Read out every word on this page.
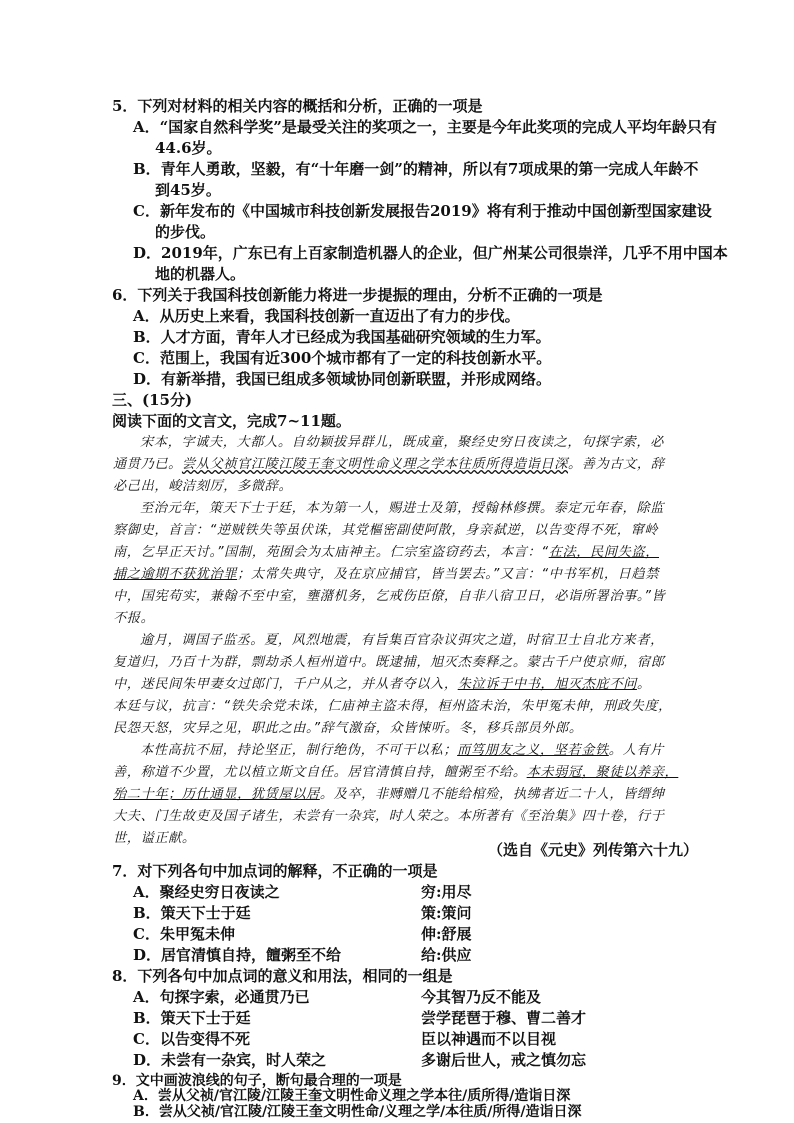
5．下列对材料的相关内容的概括和分析，正确的一项是
A．“国家自然科学奖”是最受关注的奖项之一，主要是今年此奖项的完成人平均年龄只有
44.6岁。
B．青年人勇敢，坚毅，有“十年磨一剑”的精神，所以有7项成果的第一完成人年龄不
到45岁。
C．新年发布的《中国城市科技创新发展报告2019》将有利于推动中国创新型国家建设
的步伐。
D．2019年，广东已有上百家制造机器人的企业，但广州某公司很崇洋，几乎不用中国本
地的机器人。
6．下列关于我国科技创新能力将进一步提振的理由，分析不正确的一项是
A．从历史上来看，我国科技创新一直迈出了有力的步伐。
B．人才方面，青年人才已经成为我国基础研究领域的生力军。
C．范围上，我国有近300个城市都有了一定的科技创新水平。
D．有新举措，我国已组成多领域协同创新联盟，并形成网络。
三、(15分)
阅读下面的文言文，完成7~11题。
宋本，字诚夫，大都人。自幼颖拔异群儿，既成童，聚经史穷日夜读之，句探字索，必
通贯乃已。尝从父祯官江陵江陵王奎文明性命义理之学本往质所得造诣日深。善为古文，辞
必己出，峻洁刻厉，多微辞。
至治元年，策天下士于廷，本为第一人，赐进士及第，授翰林修撰。泰定元年春，除监
察御史，首言：“逆贼铁失等虽伏诛，其党樞密副使阿散，身亲弑逆，以告变得不死，窜岭
南，乞早正天讨。”国制，苑囿会为太庙神主。仁宗室盗窃药去，本言：“在法，民间失盗，
捕之逾期不获犹治罪；太常失典守，及在京应捕官，皆当罢去。”又言：“中书军机，日趋禁
中，国宪苟实，兼翰不至中室，壅潴机务，乞戒伤臣僚，自非八宿卫日，必诣所署治事。”皆
不报。
逾月，调国子监丞。夏，风烈地震，有旨集百官杂议弭灾之道，时宿卫士自北方来者，
复道归，乃百十为群，剽劫杀人桓州道中。既逮捕，旭灭杰奏释之。蒙古千户使京师，宿郎
中，迷民间朱甲妻女过郎门，千户从之，并从者夺以入，朱泣诉于中书，旭灭杰庇不问。
本廷与议，抗言：“铁失余党未诛，仁庙神主盗未得，桓州盗未治，朱甲冤未伸，刑政失度，
民怨天怒，灾异之见，职此之由。”辞气激奋，众皆悚听。冬，移兵部员外郎。
本性高抗不屈，持论坚正，制行绝伪，不可干以私；而笃朋友之义，坚若金铁。人有片
善，称道不少置，尤以植立斯文自任。居官清慎自持，饘粥至不给。本未弱冠，聚徒以养亲，
殆二十年；历仕通显，犹赁屋以居。及卒，非赙赠几不能给棺殓，执绋者近二十人，皆缙绅
大夫、门生故吏及国子诸生，未尝有一杂宾，时人荣之。本所著有《至治集》四十卷，行于
世，谥正献。
（选自《元史》列传第六十九）
7．对下列各句中加点词的解释，不正确的一项是
A．聚经史穷日夜读之	穷:用尽
B．策天下士于廷	策:策问
C．朱甲冤未伸	伸:舒展
D．居官清慎自持，饘粥至不给	给:供应
8．下列各句中加点词的意义和用法，相同的一组是
A．句探字索，必通贯乃已	今其智乃反不能及
B．策天下士于廷	尝学琵琶于穆、曹二善才
C．以告变得不死	臣以神遇而不以目视
D．未尝有一杂宾，时人荣之	多谢后世人，戒之慎勿忘
9．文中画波浪线的句子，断句最合理的一项是
A．尝从父祯/官江陵/江陵王奎文明性命义理之学本往/质所得/造诣日深
B．尝从父祯/官江陵/江陵王奎文明性命/义理之学/本往质/所得/造诣日深
